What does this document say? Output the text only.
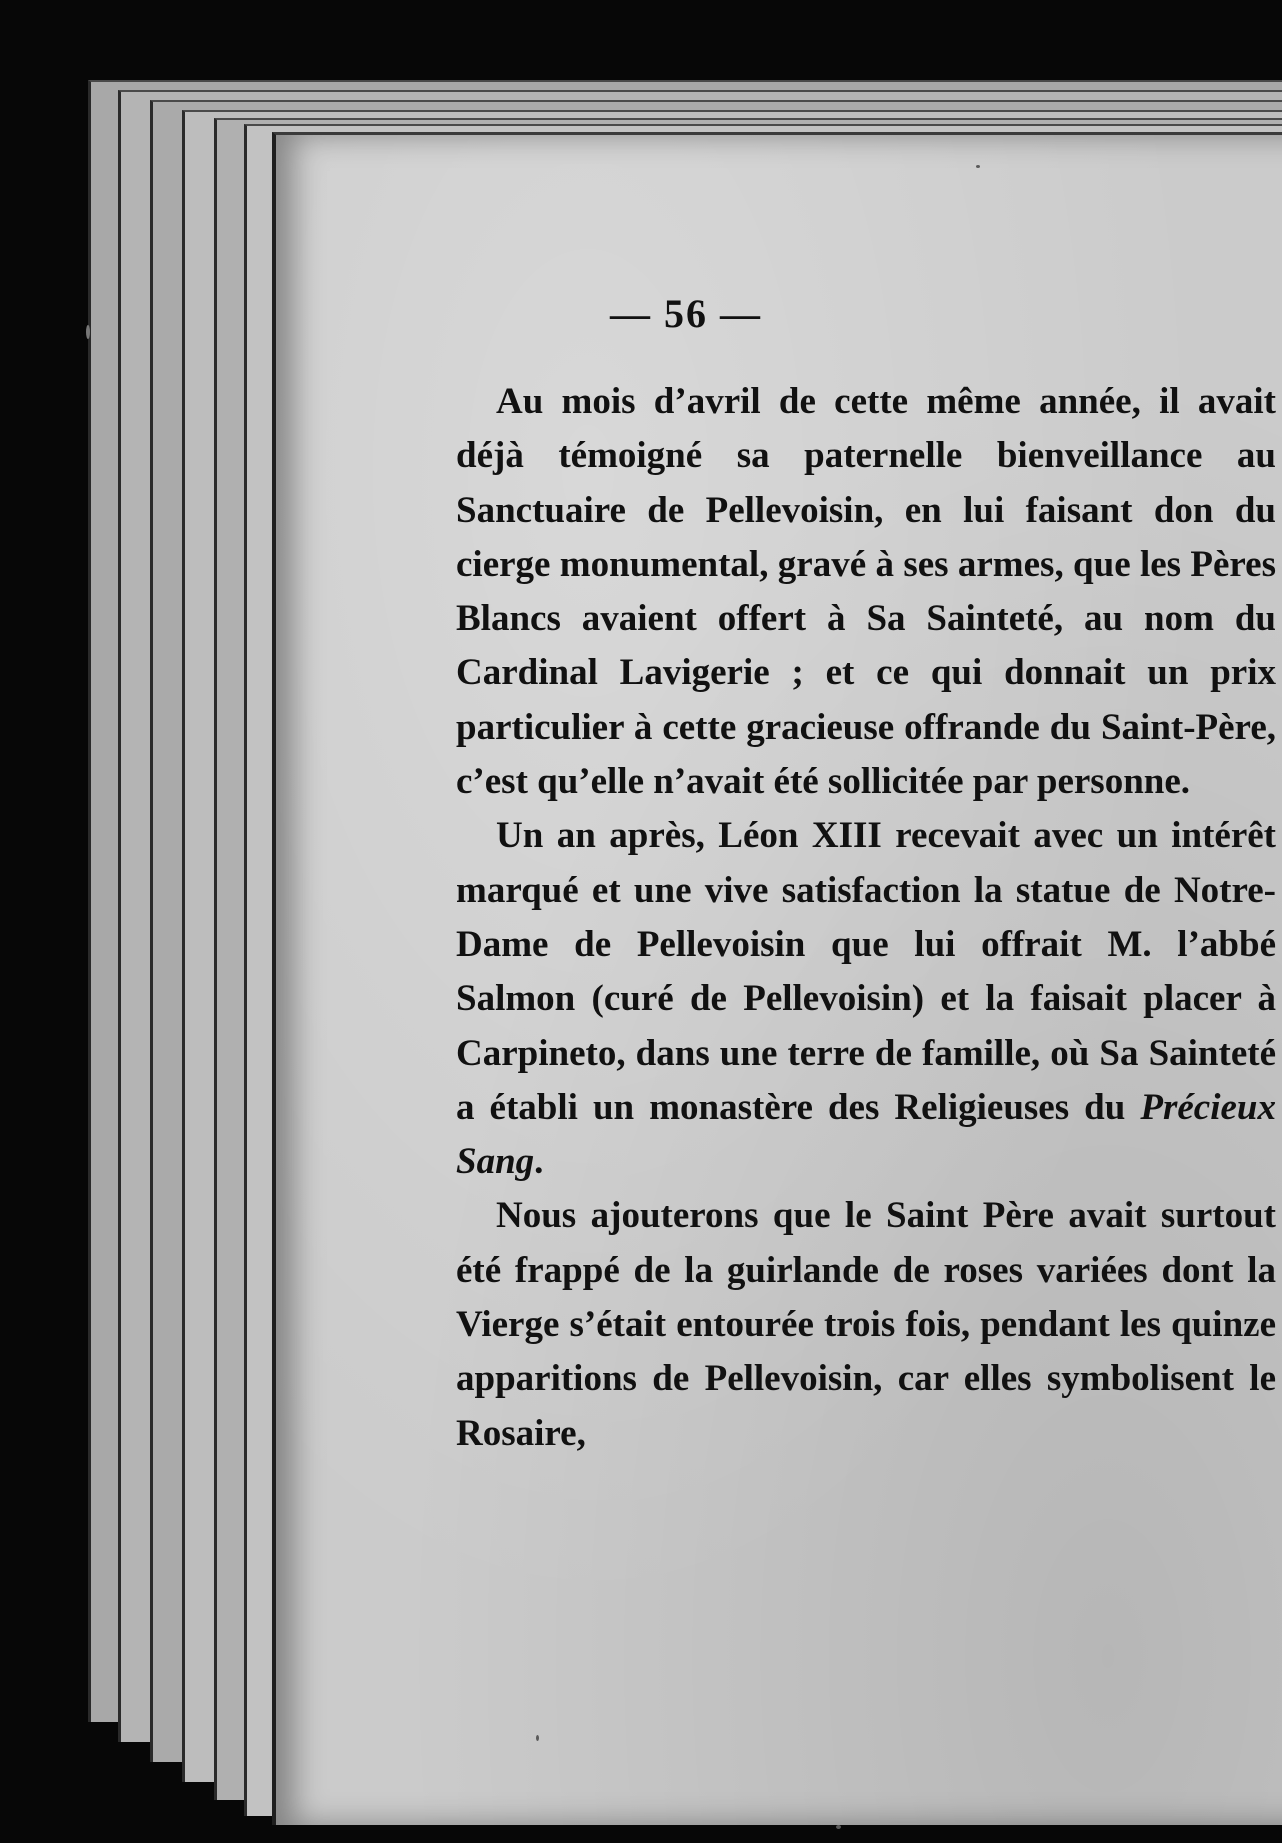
— 56 —

Au mois d’avril de cette même année, il avait déjà témoigné sa paternelle bienveillance au Sanctuaire de Pellevoisin, en lui faisant don du cierge monumental, gravé à ses armes, que les Pères Blancs avaient offert à Sa Sainteté, au nom du Cardinal Lavigerie ; et ce qui donnait un prix particulier à cette gracieuse offrande du Saint-Père, c’est qu’elle n’avait été sollicitée par personne.

Un an après, Léon XIII recevait avec un intérêt marqué et une vive satisfaction la statue de Notre-Dame de Pellevoisin que lui offrait M. l’abbé Salmon (curé de Pellevoisin) et la faisait placer à Carpineto, dans une terre de famille, où Sa Sainteté a établi un monastère des Religieuses du Précieux Sang.

Nous ajouterons que le Saint Père avait surtout été frappé de la guirlande de roses variées dont la Vierge s’était entourée trois fois, pendant les quinze apparitions de Pellevoisin, car elles symbolisent le Rosaire,
